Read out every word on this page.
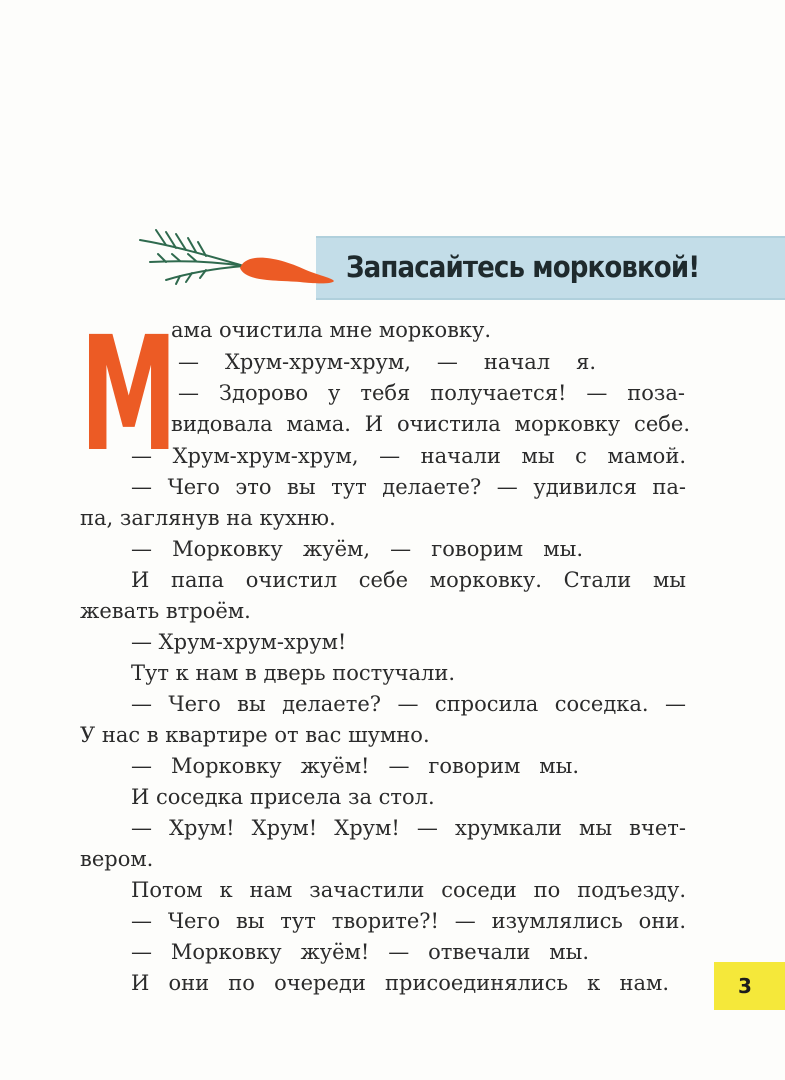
Запасайтесь морковкой!
М
ама очистила мне морковку.
— Хрум-хрум-хрум, — начал я.
— Здорово у тебя получается! — поза-
видовала мама. И очистила морковку себе.
— Хрум-хрум-хрум, — начали мы с мамой.
— Чего это вы тут делаете? — удивился па-
па, заглянув на кухню.
— Морковку жуём, — говорим мы.
И папа очистил себе морковку. Стали мы
жевать втроём.
— Хрум-хрум-хрум!
Тут к нам в дверь постучали.
— Чего вы делаете? — спросила соседка. —
У нас в квартире от вас шумно.
— Морковку жуём! — говорим мы.
И соседка присела за стол.
— Хрум! Хрум! Хрум! — хрумкали мы вчет-
вером.
Потом к нам зачастили соседи по подъезду.
— Чего вы тут творите?! — изумлялись они.
— Морковку жуём! — отвечали мы.
И они по очереди присоединялись к нам.	3
